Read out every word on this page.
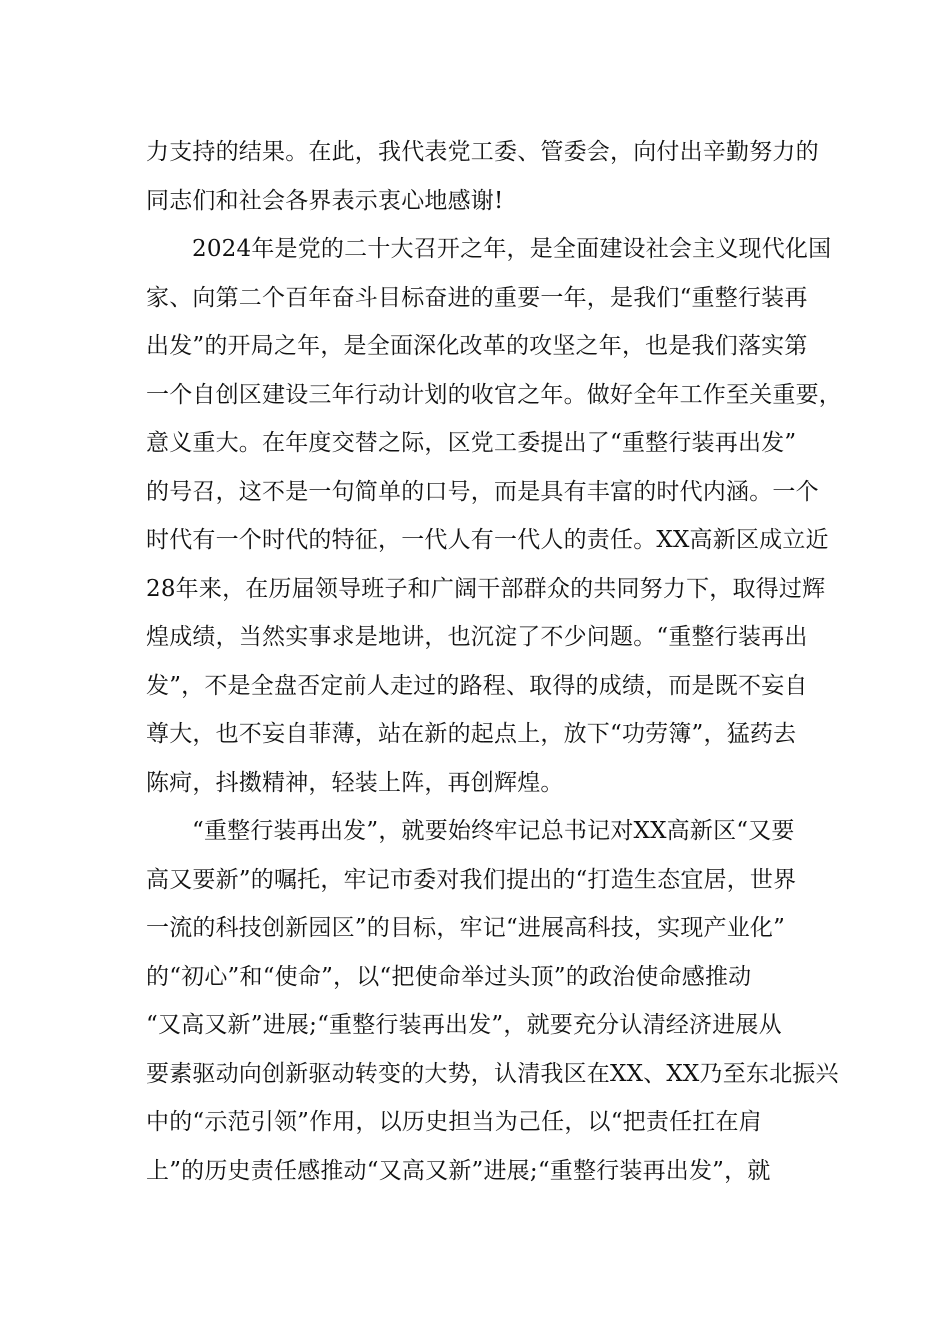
力支持的结果。在此，我代表党工委、管委会，向付出辛勤努力的
同志们和社会各界表示衷心地感谢!
2024年是党的二十大召开之年，是全面建设社会主义现代化国
家、向第二个百年奋斗目标奋进的重要一年，是我们“重整行装再
出发”的开局之年，是全面深化改革的攻坚之年，也是我们落实第
一个自创区建设三年行动计划的收官之年。做好全年工作至关重要，
意义重大。在年度交替之际，区党工委提出了“重整行装再出发”
的号召，这不是一句简单的口号，而是具有丰富的时代内涵。一个
时代有一个时代的特征，一代人有一代人的责任。XX高新区成立近
28年来，在历届领导班子和广阔干部群众的共同努力下，取得过辉
煌成绩，当然实事求是地讲，也沉淀了不少问题。“重整行装再出
发”，不是全盘否定前人走过的路程、取得的成绩，而是既不妄自
尊大，也不妄自菲薄，站在新的起点上，放下“功劳簿”，猛药去
陈疴，抖擞精神，轻装上阵，再创辉煌。
“重整行装再出发”，就要始终牢记总书记对XX高新区“又要
高又要新”的嘱托，牢记市委对我们提出的“打造生态宜居，世界
一流的科技创新园区”的目标，牢记“进展高科技，实现产业化”
的“初心”和“使命”，以“把使命举过头顶”的政治使命感推动
“又高又新”进展;“重整行装再出发”，就要充分认清经济进展从
要素驱动向创新驱动转变的大势，认清我区在XX、XX乃至东北振兴
中的“示范引领”作用，以历史担当为己任，以“把责任扛在肩
上”的历史责任感推动“又高又新”进展;“重整行装再出发”，就
